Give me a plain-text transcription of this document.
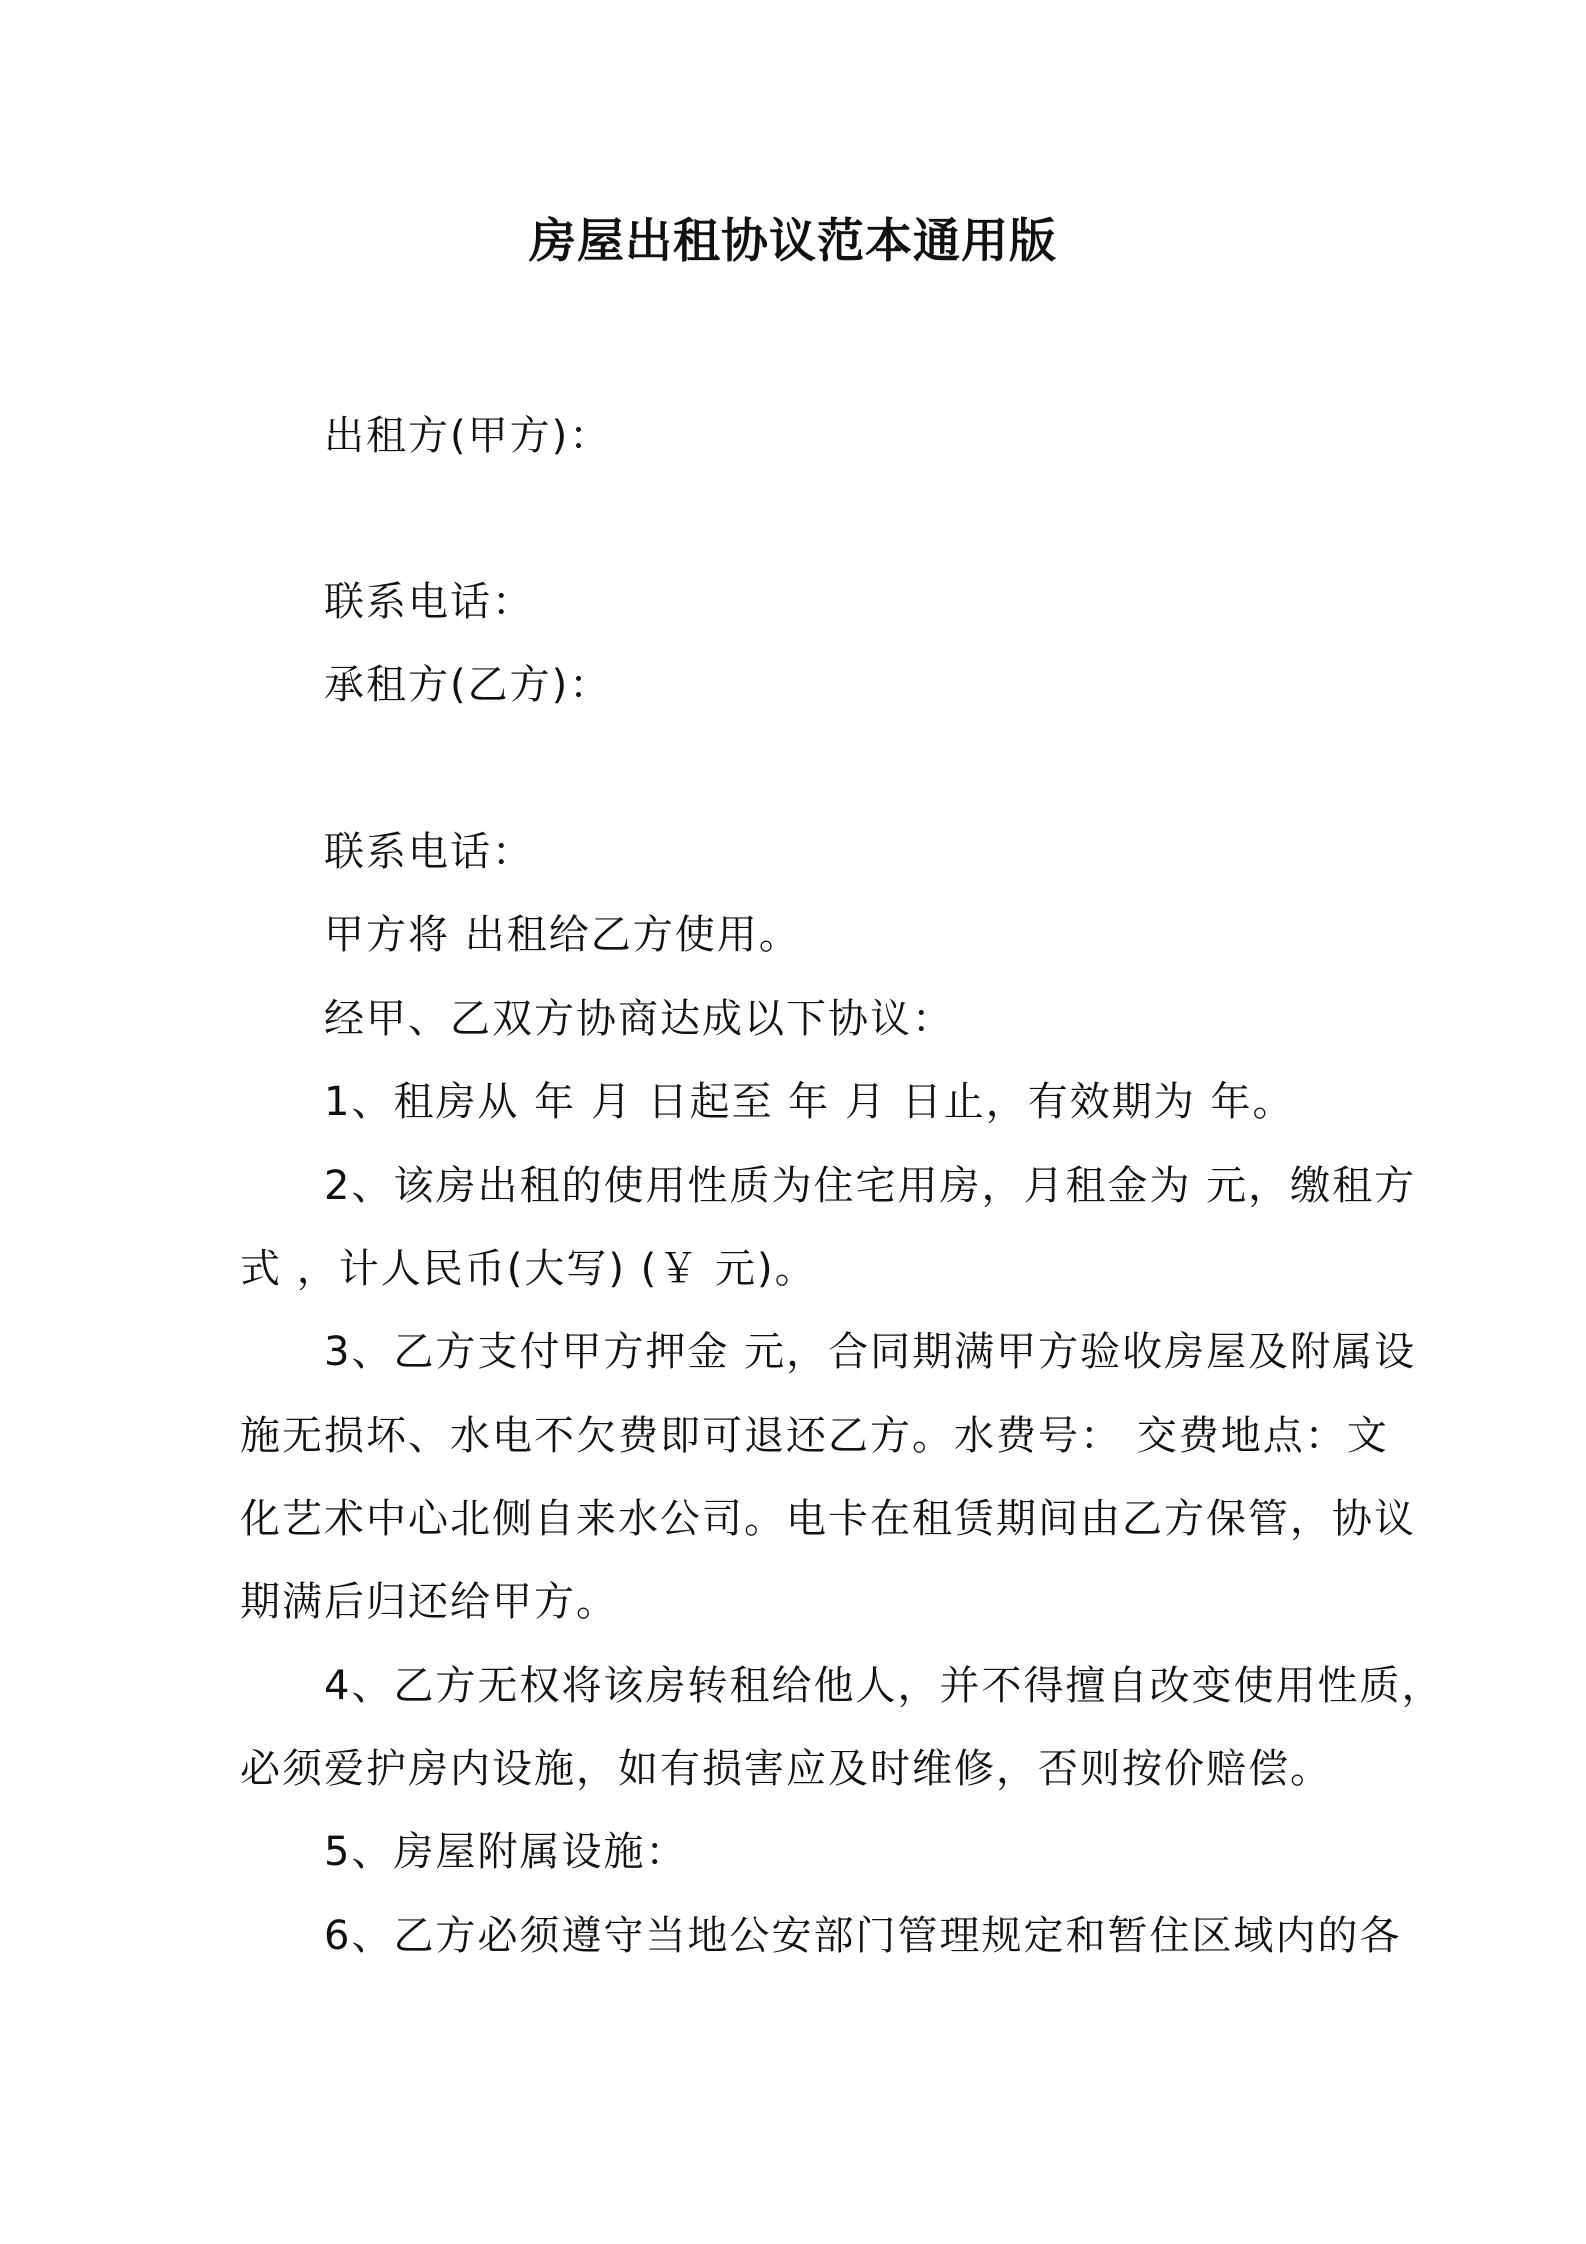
房屋出租协议范本通用版

出租方(甲方)：

联系电话：

承租方(乙方)：

联系电话：

甲方将 出租给乙方使用。

经甲、乙双方协商达成以下协议：

1、租房从 年 月 日起至 年 月 日止，有效期为 年。

2、该房出租的使用性质为住宅用房，月租金为 元，缴租方

式 ，计人民币(大写) (￥ 元)。

3、乙方支付甲方押金 元，合同期满甲方验收房屋及附属设

施无损坏、水电不欠费即可退还乙方。水费号： 交费地点：文

化艺术中心北侧自来水公司。电卡在租赁期间由乙方保管，协议

期满后归还给甲方。

4、乙方无权将该房转租给他人，并不得擅自改变使用性质，

必须爱护房内设施，如有损害应及时维修，否则按价赔偿。

5、房屋附属设施：

6、乙方必须遵守当地公安部门管理规定和暂住区域内的各
